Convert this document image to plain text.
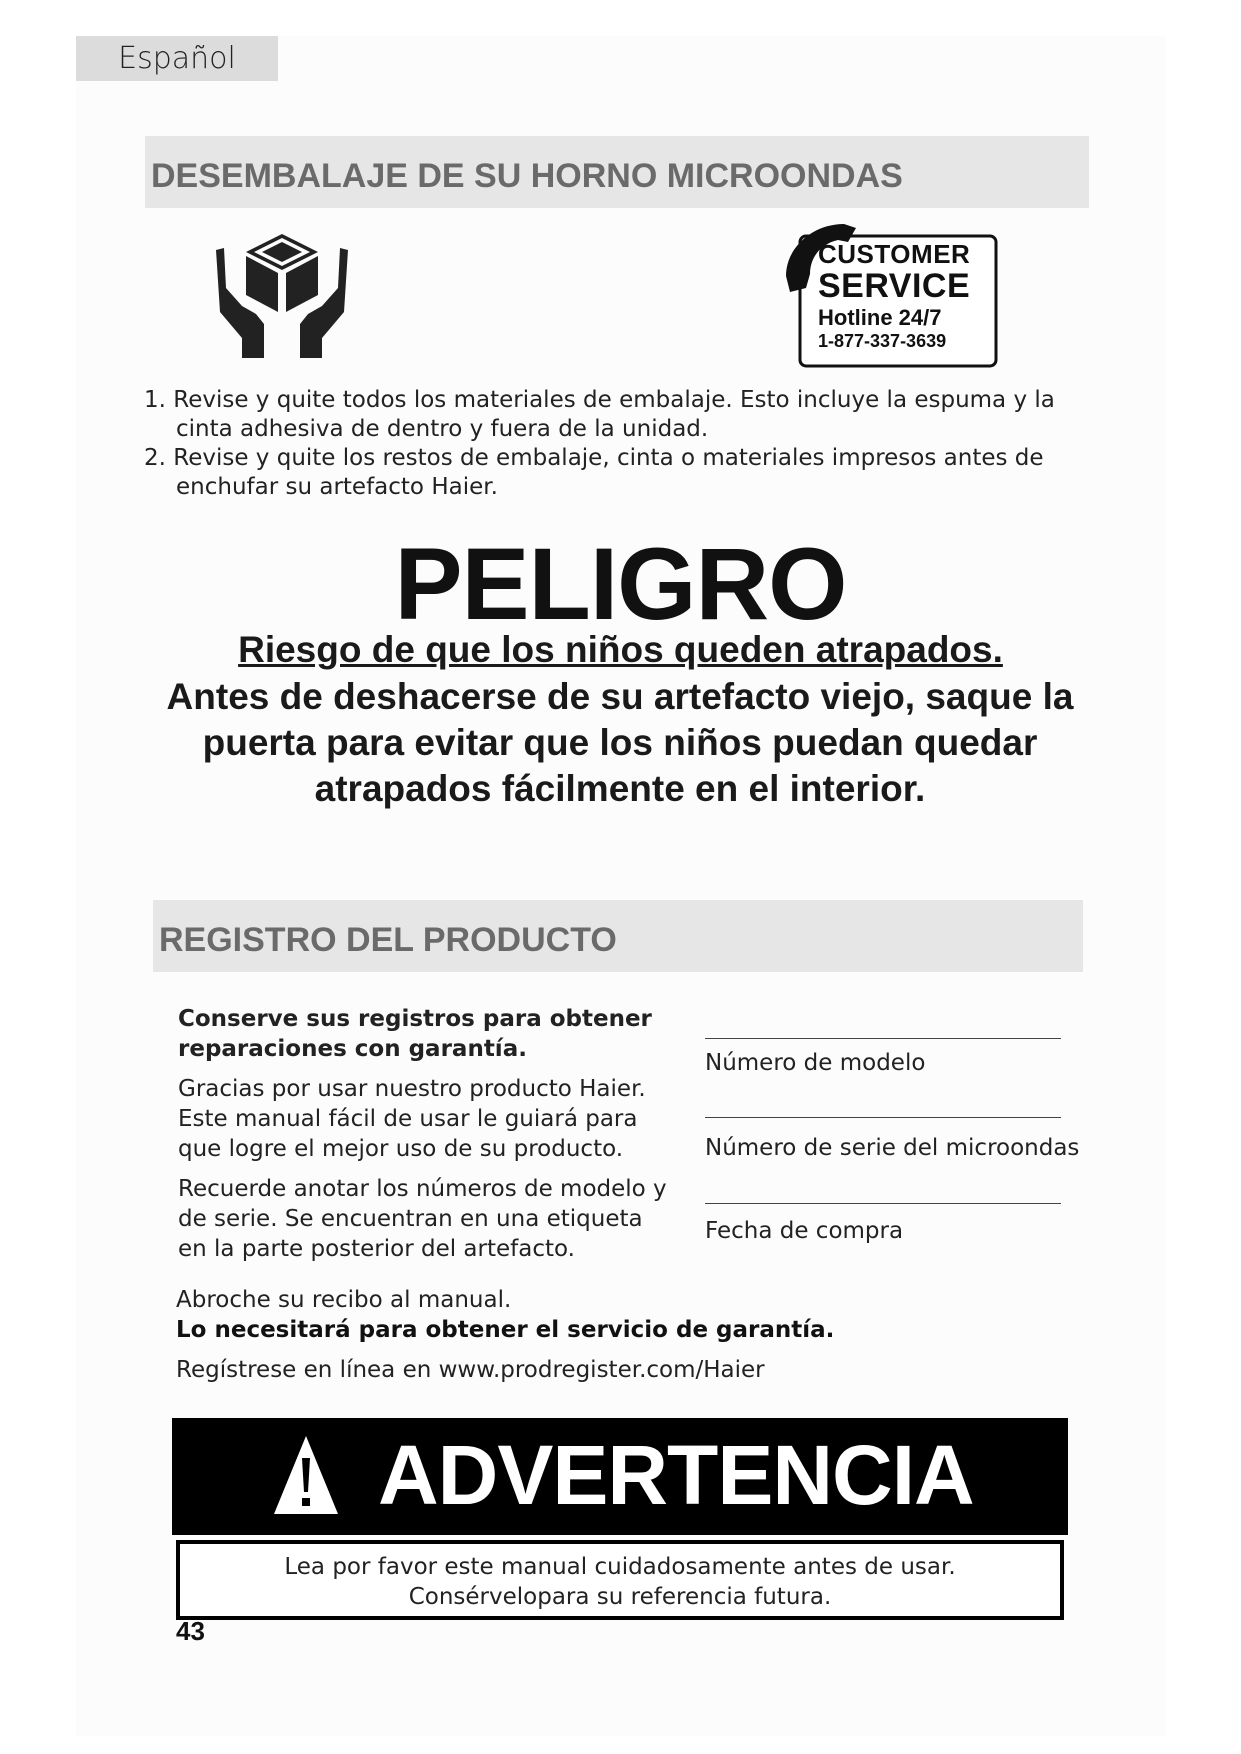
Español
DESEMBALAJE DE SU HORNO MICROONDAS
CUSTOMER
SERVICE
Hotline 24/7
1-877-337-3639
1. Revise y quite todos los materiales de embalaje. Esto incluye la espuma y la cinta adhesiva de dentro y fuera de la unidad.
2. Revise y quite los restos de embalaje, cinta o materiales impresos antes de enchufar su artefacto Haier.
PELIGRO
Riesgo de que los niños queden atrapados.
Antes de deshacerse de su artefacto viejo, saque la puerta para evitar que los niños puedan quedar atrapados fácilmente en el interior.
REGISTRO DEL PRODUCTO

Conserve sus registros para obtener reparaciones con garantía.

Gracias por usar nuestro producto Haier. Este manual fácil de usar le guiará para que logre el mejor uso de su producto.

Recuerde anotar los números de modelo y de serie. Se encuentran en una etiqueta en la parte posterior del artefacto.

Número de modelo
Número de serie del microondas
Fecha de compra
Abroche su recibo al manual.
Lo necesitará para obtener el servicio de garantía.
Regístrese en línea en www.prodregister.com/Haier
ADVERTENCIA
Lea por favor este manual cuidadosamente antes de usar.
Consérvelopara su referencia futura.
43
